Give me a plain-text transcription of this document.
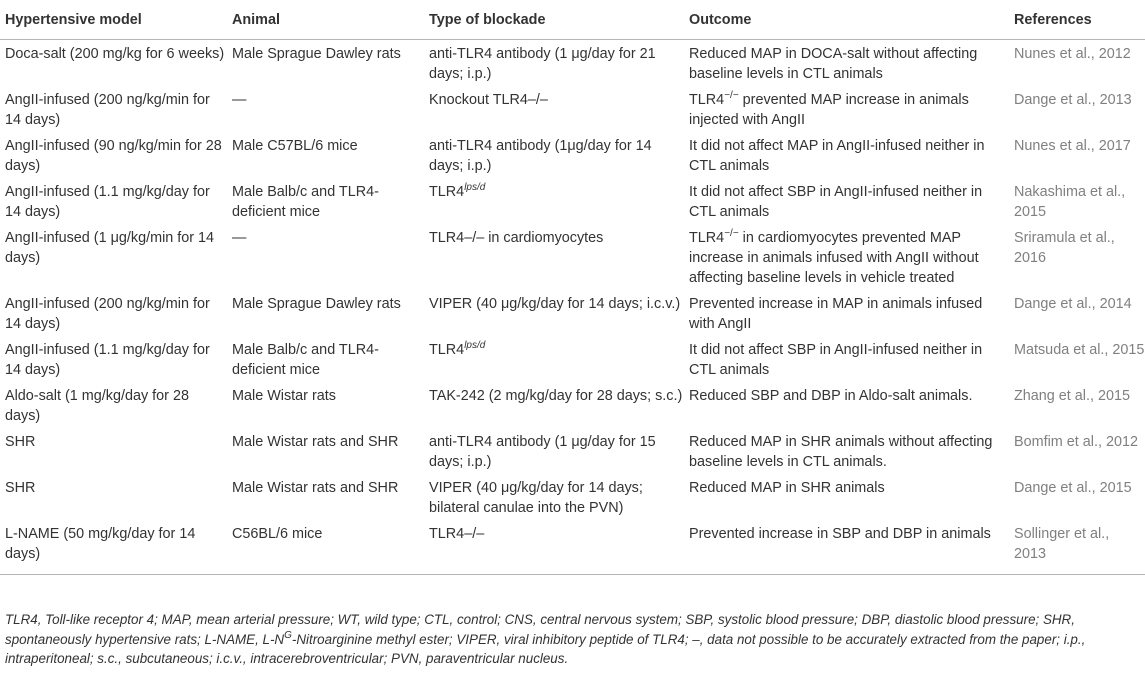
Hypertensive model	Animal	Type of blockade	Outcome	References
Doca-salt (200 mg/kg for 6 weeks)	Male Sprague Dawley rats	anti-TLR4 antibody (1 μg/day for 21 days; i.p.)	Reduced MAP in DOCA-salt without affecting baseline levels in CTL animals	Nunes et al., 2012
AngII-infused (200 ng/kg/min for 14 days)	—	Knockout TLR4–/–	TLR4−/− prevented MAP increase in animals injected with AngII	Dange et al., 2013
AngII-infused (90 ng/kg/min for 28 days)	Male C57BL/6 mice	anti-TLR4 antibody (1μg/day for 14 days; i.p.)	It did not affect MAP in AngII-infused neither in CTL animals	Nunes et al., 2017
AngII-infused (1.1 mg/kg/day for 14 days)	Male Balb/c and TLR4-deficient mice	$TLR4^{lps/d}$	It did not affect SBP in AngII-infused neither in CTL animals	Nakashima et al., 2015
AngII-infused (1 μg/kg/min for 14 days)	—	TLR4–/– in cardiomyocytes	TLR4−/− in cardiomyocytes prevented MAP increase in animals infused with AngII without affecting baseline levels in vehicle treated	Sriramula et al., 2016
AngII-infused (200 ng/kg/min for 14 days)	Male Sprague Dawley rats	VIPER (40 μg/kg/day for 14 days; i.c.v.)	Prevented increase in MAP in animals infused with AngII	Dange et al., 2014
AngII-infused (1.1 mg/kg/day for 14 days)	Male Balb/c and TLR4-deficient mice	$TLR4^{lps/d}$	It did not affect SBP in AngII-infused neither in CTL animals	Matsuda et al., 2015
Aldo-salt (1 mg/kg/day for 28 days)	Male Wistar rats	TAK-242 (2 mg/kg/day for 28 days; s.c.)	Reduced SBP and DBP in Aldo-salt animals.	Zhang et al., 2015
SHR	Male Wistar rats and SHR	anti-TLR4 antibody (1 μg/day for 15 days; i.p.)	Reduced MAP in SHR animals without affecting baseline levels in CTL animals.	Bomfim et al., 2012
SHR	Male Wistar rats and SHR	VIPER (40 μg/kg/day for 14 days; bilateral canulae into the PVN)	Reduced MAP in SHR animals	Dange et al., 2015
L-NAME (50 mg/kg/day for 14 days)	C56BL/6 mice	TLR4–/–	Prevented increase in SBP and DBP in animals	Sollinger et al., 2013
TLR4, Toll-like receptor 4; MAP, mean arterial pressure; WT, wild type; CTL, control; CNS, central nervous system; SBP, systolic blood pressure; DBP, diastolic blood pressure; SHR, spontaneously hypertensive rats; L-NAME, $L-N^G$-Nitroarginine methyl ester; VIPER, viral inhibitory peptide of TLR4; –, data not possible to be accurately extracted from the paper; i.p., intraperitoneal; s.c., subcutaneous; i.c.v., intracerebroventricular; PVN, paraventricular nucleus.
